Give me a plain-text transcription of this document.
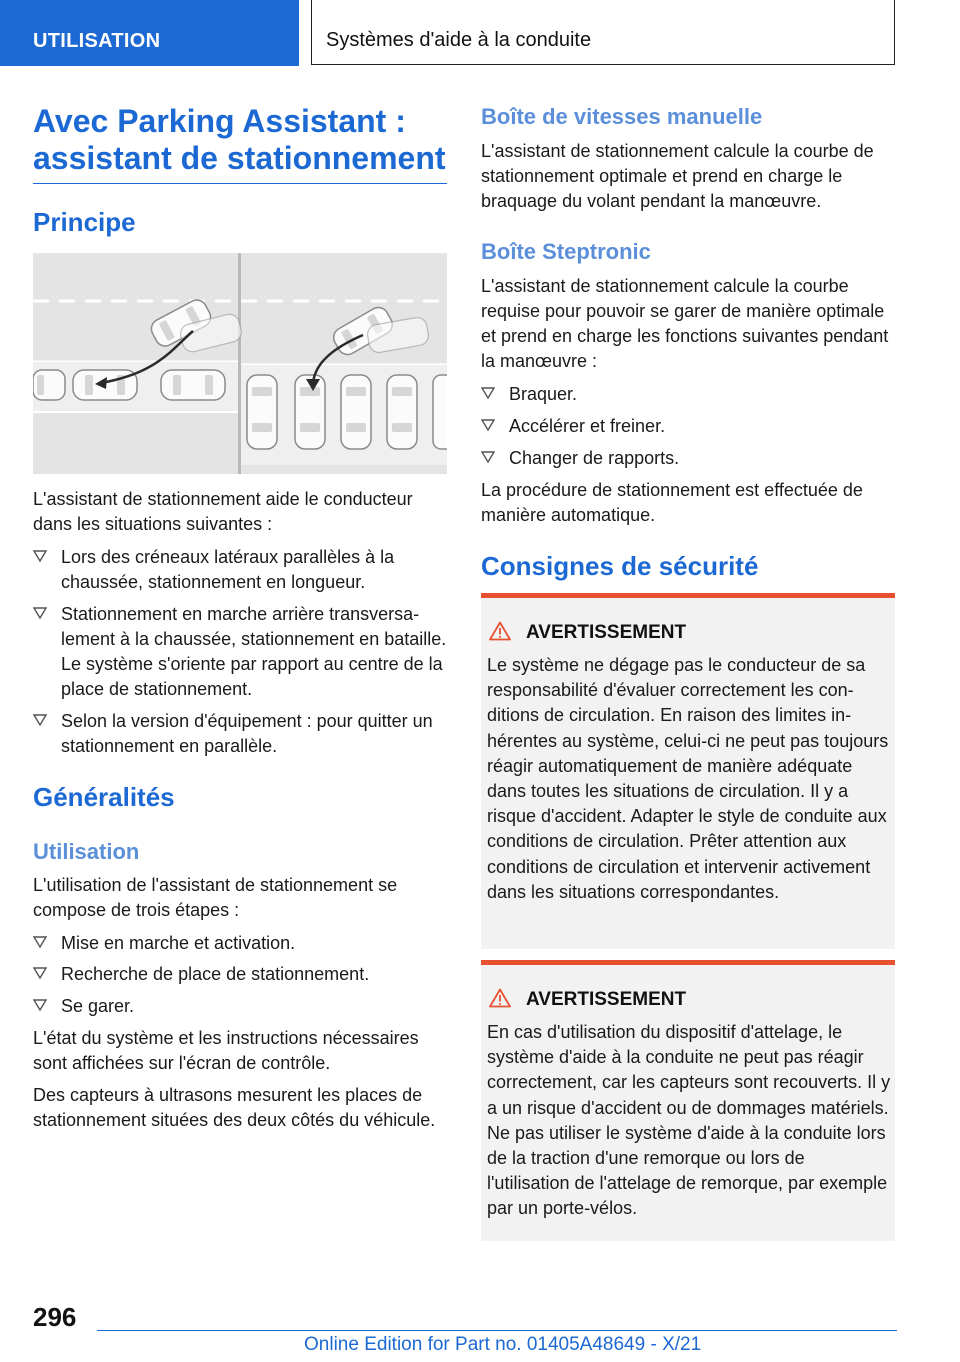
UTILISATION	Systèmes d'aide à la conduite
Avec Parking Assistant :
assistant de stationnement
Principe
L'assistant de stationnement aide le conducteur dans les situations suivantes :
Lors des créneaux latéraux parallèles à la chaussée, stationnement en longueur.
Stationnement en marche arrière transversalement à la chaussée, stationnement en bataille. Le système s'oriente par rapport au centre de la place de stationnement.
Selon la version d'équipement : pour quitter un stationnement en parallèle.
Généralités
Utilisation
L'utilisation de l'assistant de stationnement se compose de trois étapes :
Mise en marche et activation.
Recherche de place de stationnement.
Se garer.
L'état du système et les instructions nécessaires sont affichées sur l'écran de contrôle.
Des capteurs à ultrasons mesurent les places de stationnement situées des deux côtés du véhicule.
Boîte de vitesses manuelle
L'assistant de stationnement calcule la courbe de stationnement optimale et prend en charge le braquage du volant pendant la manœuvre.
Boîte Steptronic
L'assistant de stationnement calcule la courbe requise pour pouvoir se garer de manière optimale et prend en charge les fonctions suivantes pendant la manœuvre :
Braquer.
Accélérer et freiner.
Changer de rapports.
La procédure de stationnement est effectuée de manière automatique.
Consignes de sécurité
AVERTISSEMENT
Le système ne dégage pas le conducteur de sa responsabilité d'évaluer correctement les conditions de circulation. En raison des limites inhérentes au système, celui-ci ne peut pas toujours réagir automatiquement de manière adéquate dans toutes les situations de circulation. Il y a risque d'accident. Adapter le style de conduite aux conditions de circulation. Prêter attention aux conditions de circulation et intervenir activement dans les situations correspondantes.
AVERTISSEMENT
En cas d'utilisation du dispositif d'attelage, le système d'aide à la conduite ne peut pas réagir correctement, car les capteurs sont recouverts. Il y a un risque d'accident ou de dommages matériels. Ne pas utiliser le système d'aide à la conduite lors de la traction d'une remorque ou lors de l'utilisation de l'attelage de remorque, par exemple par un porte-vélos.
296
Online Edition for Part no. 01405A48649 - X/21
